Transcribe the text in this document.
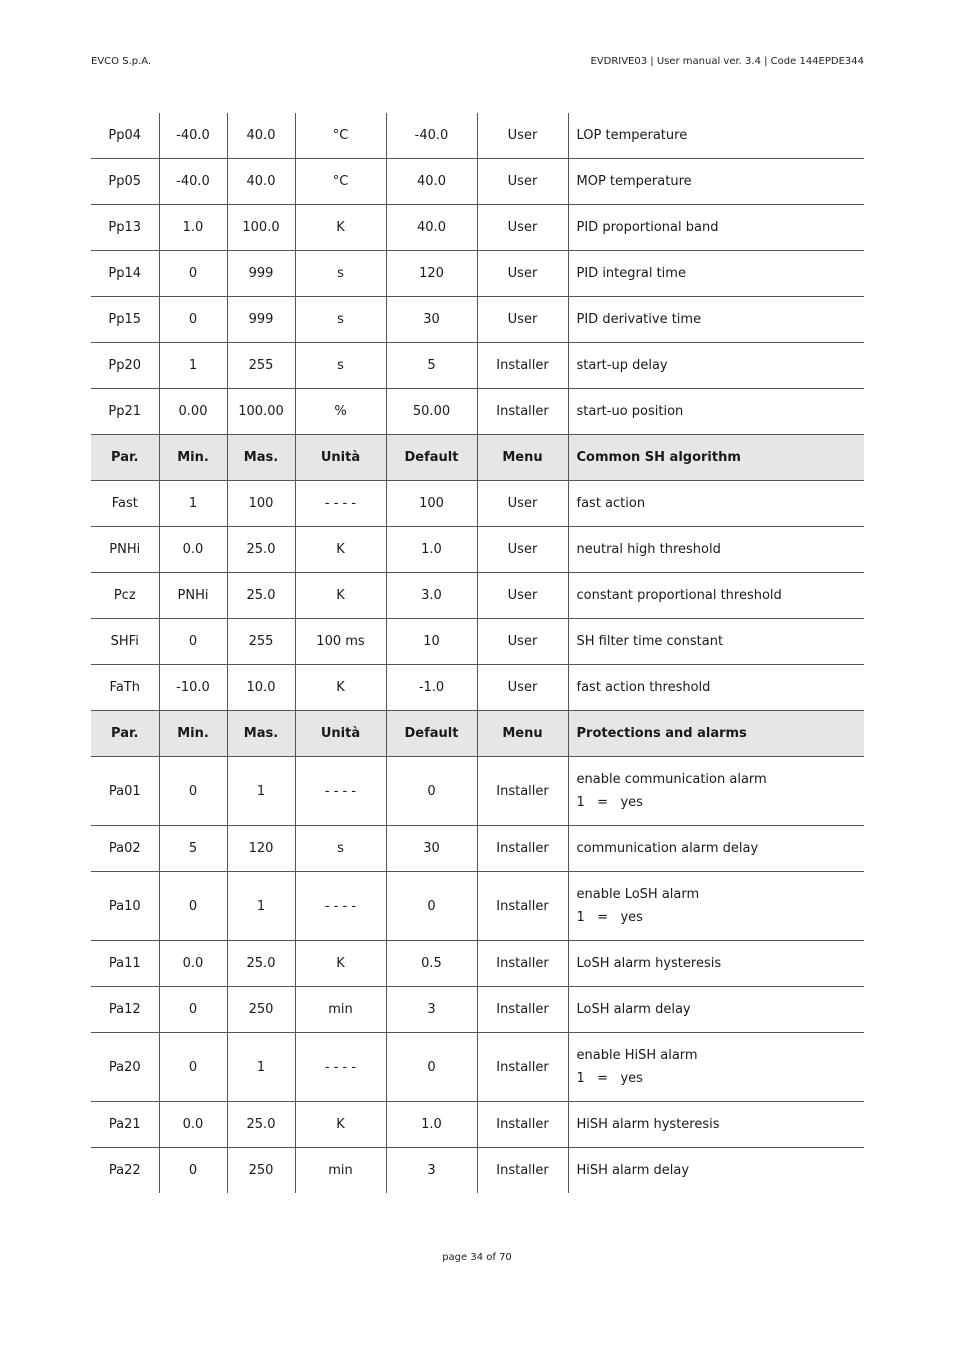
EVCO S.p.A.	EVDRIVE03 | User manual ver. 3.4 | Code 144EPDE344
Pp04	-40.0	40.0	°C	-40.0	User	LOP temperature
Pp05	-40.0	40.0	°C	40.0	User	MOP temperature
Pp13	1.0	100.0	K	40.0	User	PID proportional band
Pp14	0	999	s	120	User	PID integral time
Pp15	0	999	s	30	User	PID derivative time
Pp20	1	255	s	5	Installer	start-up delay
Pp21	0.00	100.00	%	50.00	Installer	start-uo position
Par.	Min.	Mas.	Unità	Default	Menu	Common SH algorithm
Fast	1	100	- - - -	100	User	fast action
PNHi	0.0	25.0	K	1.0	User	neutral high threshold
Pcz	PNHi	25.0	K	3.0	User	constant proportional threshold
SHFi	0	255	100 ms	10	User	SH filter time constant
FaTh	-10.0	10.0	K	-1.0	User	fast action threshold
Par.	Min.	Mas.	Unità	Default	Menu	Protections and alarms
Pa01	0	1	- - - -	0	Installer	enable communication alarm
1   =   yes

Pa02	5	120	s	30	Installer	communication alarm delay
Pa10	0	1	- - - -	0	Installer	enable LoSH alarm
1   =   yes

Pa11	0.0	25.0	K	0.5	Installer	LoSH alarm hysteresis
Pa12	0	250	min	3	Installer	LoSH alarm delay
Pa20	0	1	- - - -	0	Installer	enable HiSH alarm
1   =   yes

Pa21	0.0	25.0	K	1.0	Installer	HiSH alarm hysteresis
Pa22	0	250	min	3	Installer	HiSH alarm delay
page 34 of 70
